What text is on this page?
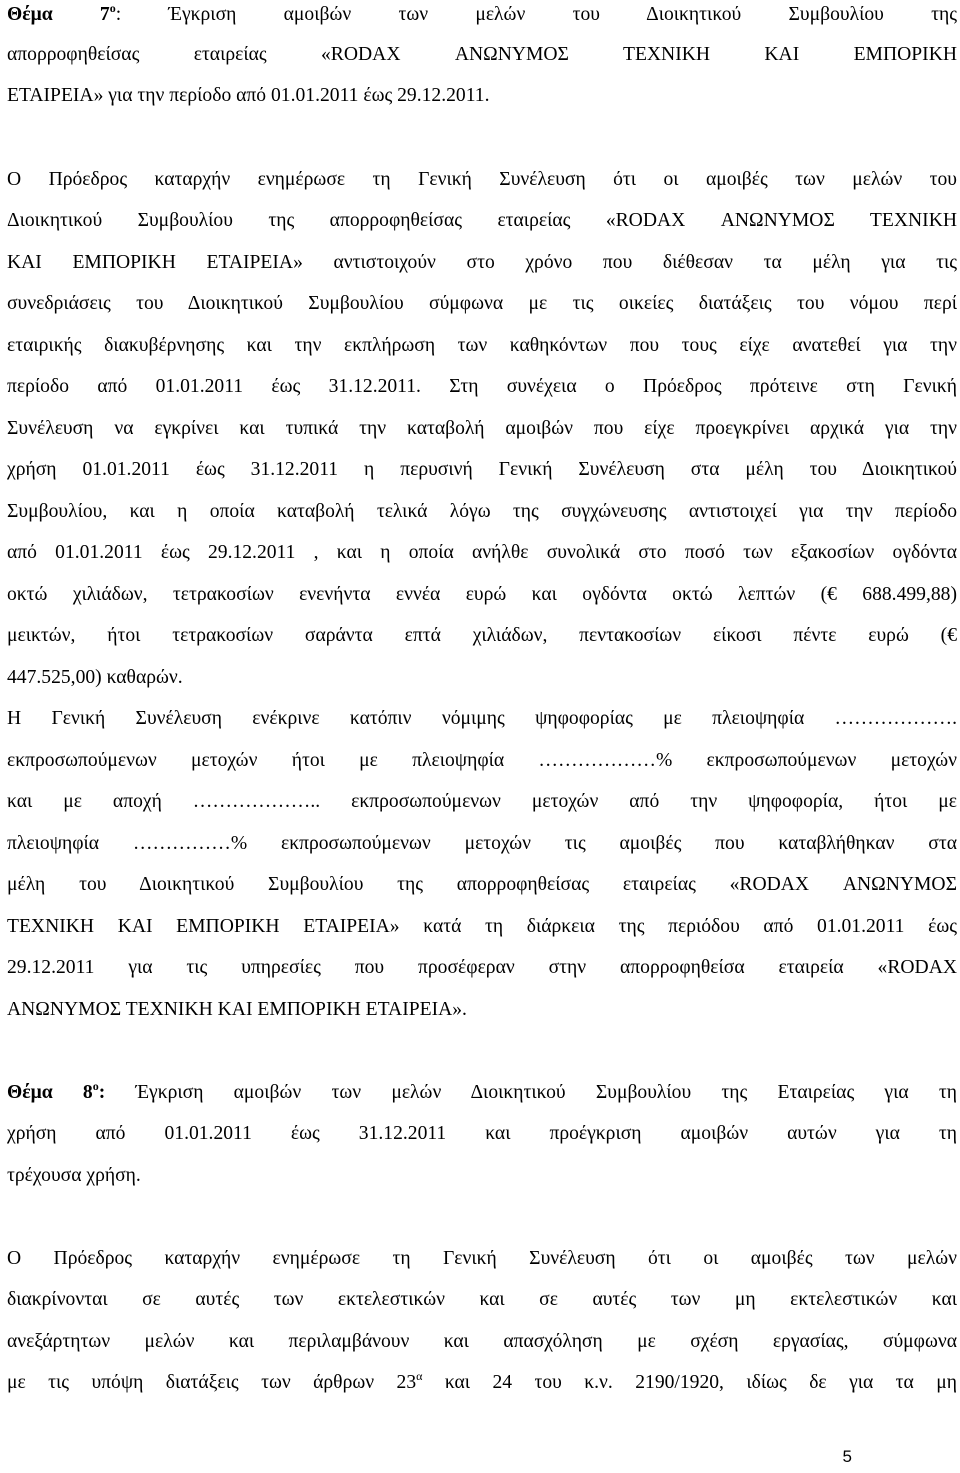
Θέμα $7^o$: Έγκριση αμοιβών των μελών του Διοικητικού Συμβουλίου της
απορροφηθείσας εταιρείας «RODAX ΑΝΩΝΥΜΟΣ ΤΕΧΝΙΚΗ ΚΑΙ ΕΜΠΟΡΙΚΗ
ΕΤΑΙΡΕΙΑ» για την περίοδο από 01.01.2011 έως 29.12.2011.
Ο Πρόεδρος καταρχήν ενημέρωσε τη Γενική Συνέλευση ότι οι αμοιβές των μελών του
Διοικητικού Συμβουλίου της απορροφηθείσας εταιρείας «RODAX ΑΝΩΝΥΜΟΣ ΤΕΧΝΙΚΗ
ΚΑΙ ΕΜΠΟΡΙΚΗ ΕΤΑΙΡΕΙΑ» αντιστοιχούν στο χρόνο που διέθεσαν τα μέλη για τις
συνεδριάσεις του Διοικητικού Συμβουλίου σύμφωνα με τις οικείες διατάξεις του νόμου περί
εταιρικής διακυβέρνησης και την εκπλήρωση των καθηκόντων που τους είχε ανατεθεί για την
περίοδο από 01.01.2011 έως 31.12.2011. Στη συνέχεια ο Πρόεδρος πρότεινε στη Γενική
Συνέλευση να εγκρίνει και τυπικά την καταβολή αμοιβών που είχε προεγκρίνει αρχικά για την
χρήση 01.01.2011 έως 31.12.2011 η περυσινή Γενική Συνέλευση στα μέλη του Διοικητικού
Συμβουλίου, και η οποία καταβολή τελικά λόγω της συγχώνευσης αντιστοιχεί για την περίοδο
από 01.01.2011 έως 29.12.2011 , και η οποία ανήλθε συνολικά στο ποσό των εξακοσίων ογδόντα
οκτώ χιλιάδων, τετρακοσίων ενενήντα εννέα ευρώ και ογδόντα οκτώ λεπτών (€ 688.499,88)
μεικτών, ήτοι τετρακοσίων σαράντα επτά χιλιάδων, πεντακοσίων είκοσι πέντε ευρώ (€
447.525,00) καθαρών.
Η Γενική Συνέλευση ενέκρινε κατόπιν νόμιμης ψηφοφορίας με πλειοψηφία ……………….
εκπροσωπούμενων μετοχών ήτοι με πλειοψηφία ………………% εκπροσωπούμενων μετοχών
και με αποχή ……………….. εκπροσωπούμενων μετοχών από την ψηφοφορία, ήτοι με
πλειοψηφία ……………% εκπροσωπούμενων μετοχών τις αμοιβές που καταβλήθηκαν στα
μέλη του Διοικητικού Συμβουλίου της απορροφηθείσας εταιρείας «RODAX ΑΝΩΝΥΜΟΣ
ΤΕΧΝΙΚΗ ΚΑΙ ΕΜΠΟΡΙΚΗ ΕΤΑΙΡΕΙΑ» κατά τη διάρκεια της περιόδου από 01.01.2011 έως
29.12.2011 για τις υπηρεσίες που προσέφεραν στην απορροφηθείσα εταιρεία «RODAX
ΑΝΩΝΥΜΟΣ ΤΕΧΝΙΚΗ ΚΑΙ ΕΜΠΟΡΙΚΗ ΕΤΑΙΡΕΙΑ».
Θέμα $8^o$: Έγκριση αμοιβών των μελών Διοικητικού Συμβουλίου της Εταιρείας για τη
χρήση από 01.01.2011 έως 31.12.2011 και προέγκριση αμοιβών αυτών για τη
τρέχουσα χρήση.
Ο Πρόεδρος καταρχήν ενημέρωσε τη Γενική Συνέλευση ότι οι αμοιβές των μελών
διακρίνονται σε αυτές των εκτελεστικών και σε αυτές των μη εκτελεστικών και
ανεξάρτητων μελών και περιλαμβάνουν και απασχόληση με σχέση εργασίας, σύμφωνα
με τις υπόψη διατάξεις των άρθρων $23^\alpha$ και 24 του κ.ν. 2190/1920, ιδίως δε για τα μη
5
